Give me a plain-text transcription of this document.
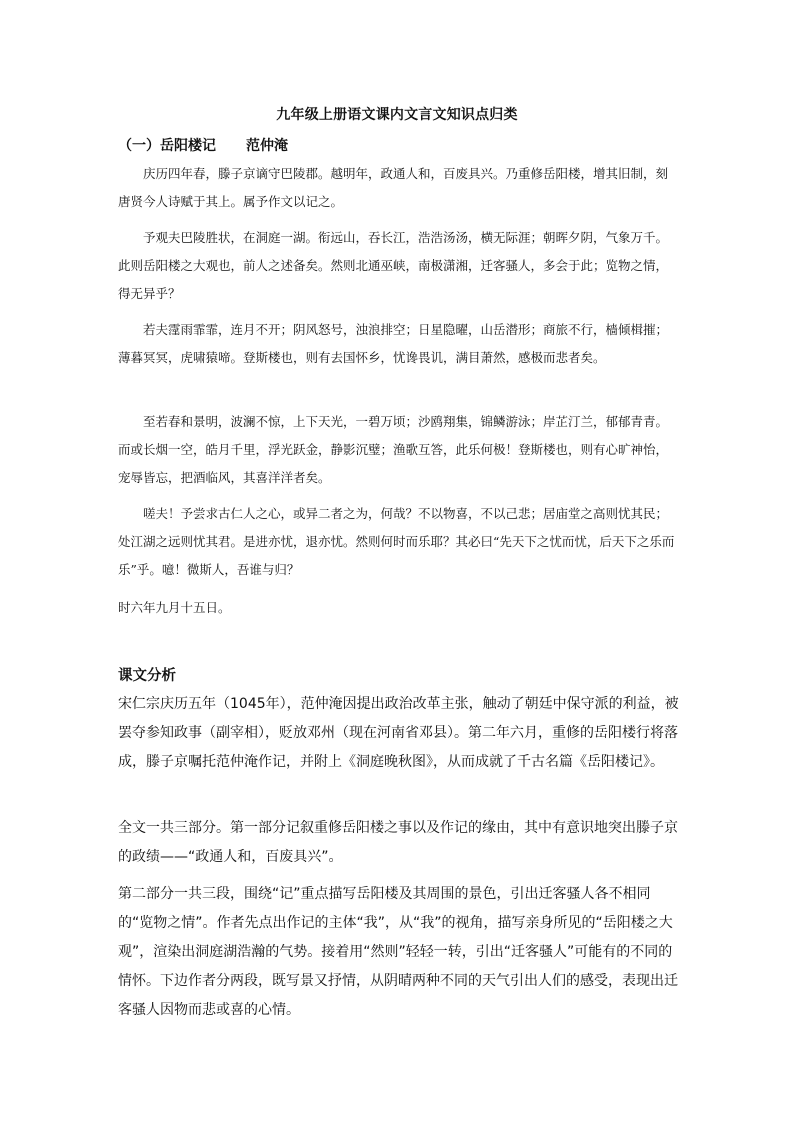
九年级上册语文课内文言文知识点归类
（一）岳阳楼记 范仲淹

庆历四年春，滕子京谪守巴陵郡。越明年，政通人和，百废具兴。乃重修岳阳楼，增其旧制，刻唐贤今人诗赋于其上。属予作文以记之。

予观夫巴陵胜状，在洞庭一湖。衔远山，吞长江，浩浩汤汤，横无际涯；朝晖夕阴，气象万千。此则岳阳楼之大观也，前人之述备矣。然则北通巫峡，南极潇湘，迁客骚人，多会于此；览物之情，得无异乎？

若夫霪雨霏霏，连月不开；阴风怒号，浊浪排空；日星隐曜，山岳潜形；商旅不行，樯倾楫摧；薄暮冥冥，虎啸猿啼。登斯楼也，则有去国怀乡，忧谗畏讥，满目萧然，感极而悲者矣。

至若春和景明，波澜不惊，上下天光，一碧万顷；沙鸥翔集，锦鳞游泳；岸芷汀兰，郁郁青青。而或长烟一空，皓月千里，浮光跃金，静影沉璧；渔歌互答，此乐何极！登斯楼也，则有心旷神怡，宠辱皆忘，把酒临风，其喜洋洋者矣。

嗟夫！予尝求古仁人之心，或异二者之为，何哉？不以物喜，不以己悲；居庙堂之高则忧其民；处江湖之远则忧其君。是进亦忧，退亦忧。然则何时而乐耶？其必曰“先天下之忧而忧，后天下之乐而乐”乎。噫！微斯人，吾谁与归？

时六年九月十五日。

课文分析

宋仁宗庆历五年（1045年），范仲淹因提出政治改革主张，触动了朝廷中保守派的利益，被罢夺参知政事（副宰相），贬放邓州（现在河南省邓县）。第二年六月，重修的岳阳楼行将落成，滕子京嘱托范仲淹作记，并附上《洞庭晚秋图》，从而成就了千古名篇《岳阳楼记》。

全文一共三部分。第一部分记叙重修岳阳楼之事以及作记的缘由，其中有意识地突出滕子京的政绩——“政通人和，百废具兴”。

第二部分一共三段，围绕“记”重点描写岳阳楼及其周围的景色，引出迁客骚人各不相同的“览物之情”。作者先点出作记的主体“我”，从“我”的视角，描写亲身所见的“岳阳楼之大观”，渲染出洞庭湖浩瀚的气势。接着用“然则”轻轻一转，引出“迁客骚人”可能有的不同的情怀。下边作者分两段，既写景又抒情，从阴晴两种不同的天气引出人们的感受，表现出迁客骚人因物而悲或喜的心情。
